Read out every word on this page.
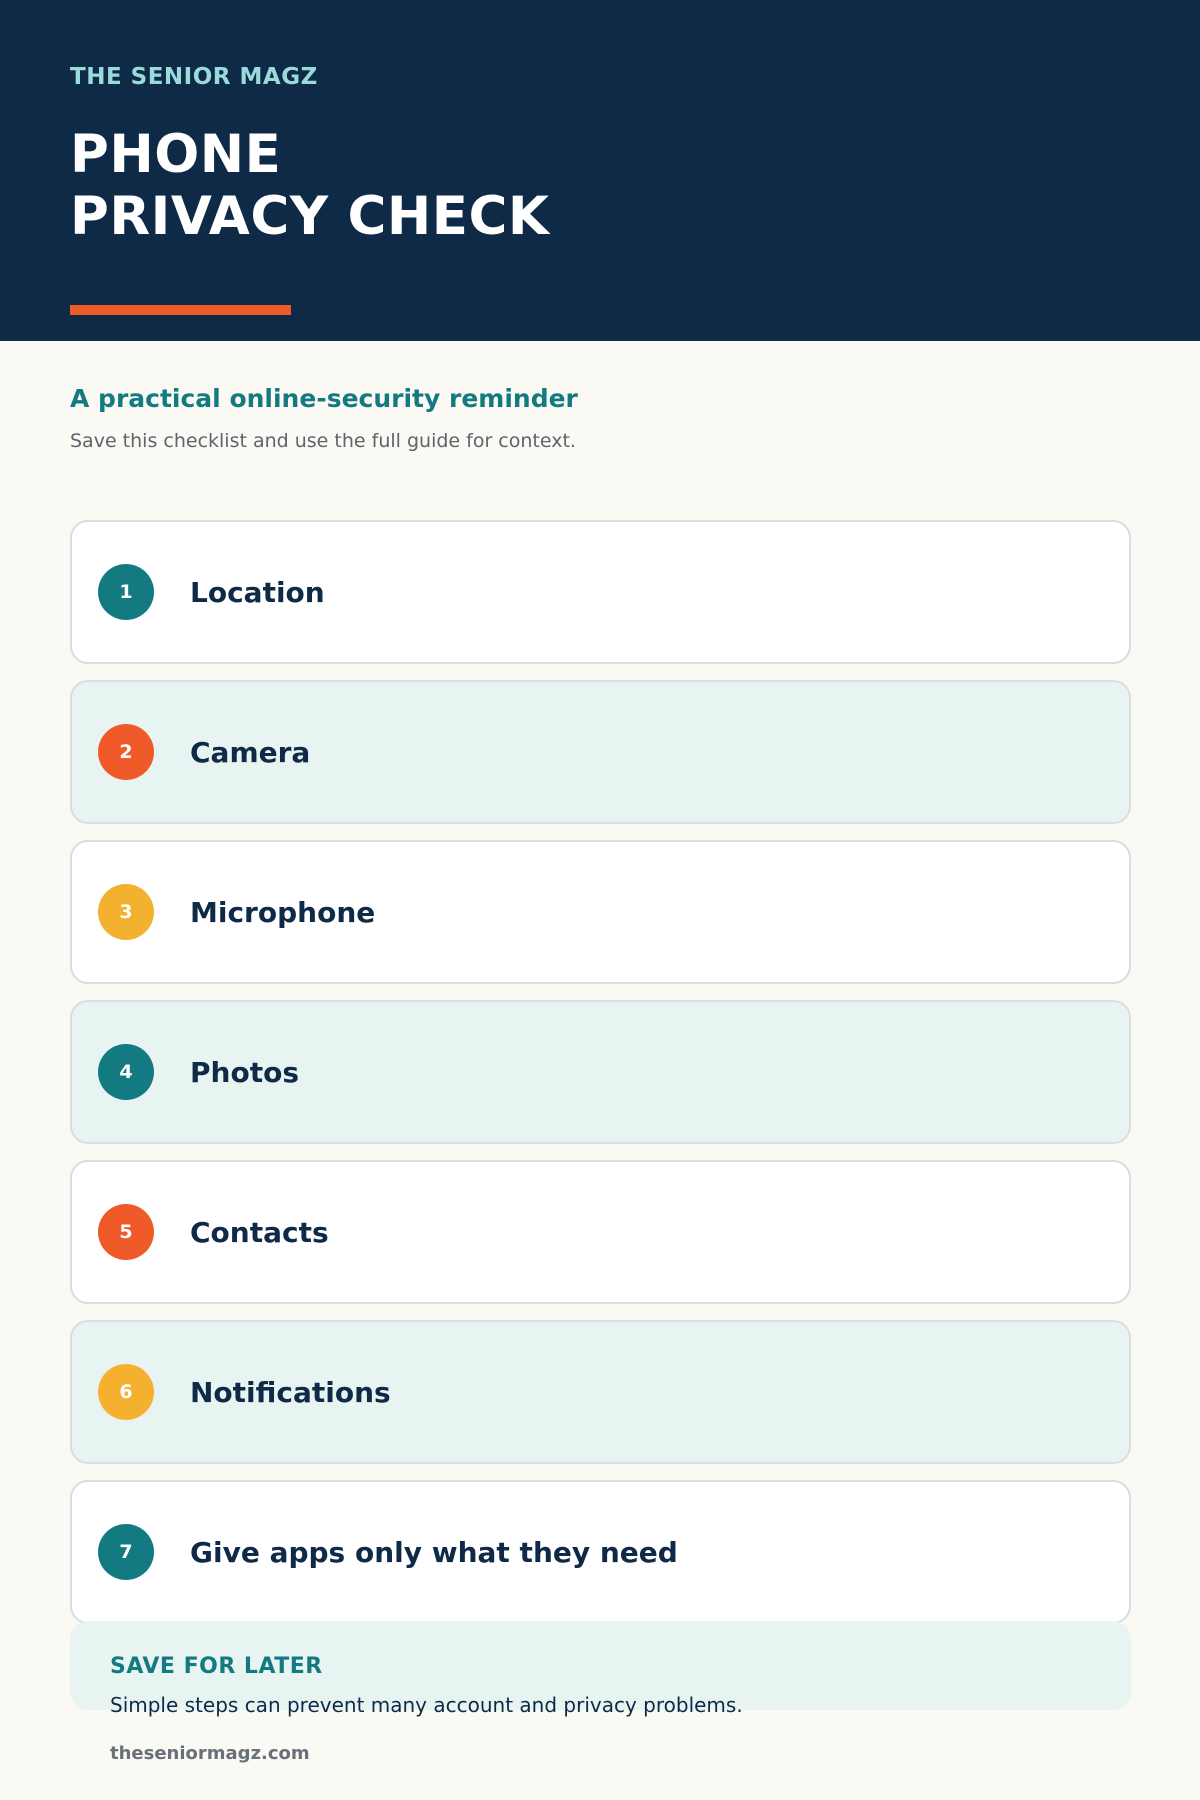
THE SENIOR MAGZ
PHONE
PRIVACY CHECK
A practical online-security reminder
Save this checklist and use the full guide for context.
1	Location
2	Camera
3	Microphone
4	Photos
5	Contacts
6	Notifications
7	Give apps only what they need
SAVE FOR LATER
Simple steps can prevent many account and privacy problems.
theseniormagz.com
